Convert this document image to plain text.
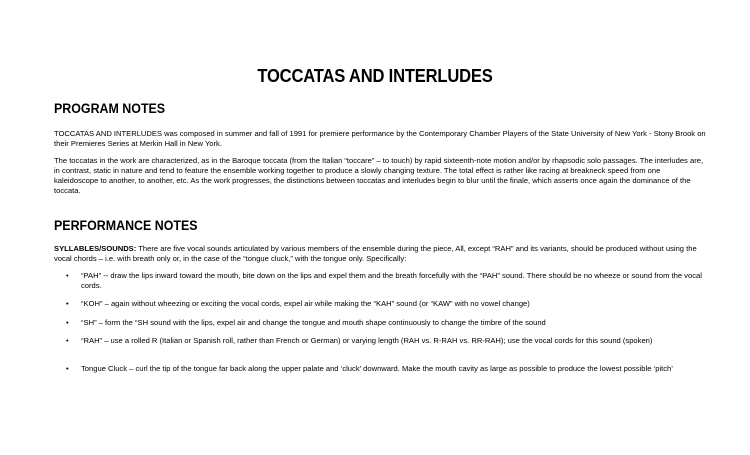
TOCCATAS AND INTERLUDES
PROGRAM NOTES

TOCCATAS AND INTERLUDES was composed in summer and fall of 1991 for premiere performance by the Contemporary Chamber Players of the State University of New York - Stony Brook on their Premieres Series at Merkin Hall in New York.

The toccatas in the work are characterized, as in the Baroque toccata (from the Italian “toccare” – to touch) by rapid sixteenth-note motion and/or by rhapsodic solo passages. The interludes are, in contrast, static in nature and tend to feature the ensemble working together to produce a slowly changing texture. The total effect is rather like racing at breakneck speed from one kaleidoscope to another, to another, etc. As the work progresses, the distinctions between toccatas and interludes begin to blur until the finale, which asserts once again the dominance of the toccata.

PERFORMANCE NOTES

SYLLABLES/SOUNDS: There are five vocal sounds articulated by various members of the ensemble during the piece, All, except “RAH” and its variants, should be produced without using the vocal chords – i.e. with breath only or, in the case of the “tongue cluck,” with the tongue only. Specifically:

• “PAH” -- draw the lips inward toward the mouth, bite down on the lips and expel them and the breath forcefully with the “PAH” sound. There should be no wheeze or sound from the vocal cords.
• “KOH” – again without wheezing or exciting the vocal cords, expel air while making the “KAH” sound (or “KAW” with no vowel change)
• “SH” – form the “SH sound with the lips, expel air and change the tongue and mouth shape continuously to change the timbre of the sound
• “RAH” – use a rolled R (Italian or Spanish roll, rather than French or German) or varying length (RAH vs. R-RAH vs. RR-RAH); use the vocal cords for this sound (spoken)
• Tongue Cluck – curl the tip of the tongue far back along the upper palate and ‘cluck’ downward. Make the mouth cavity as large as possible to produce the lowest possible ‘pitch’
